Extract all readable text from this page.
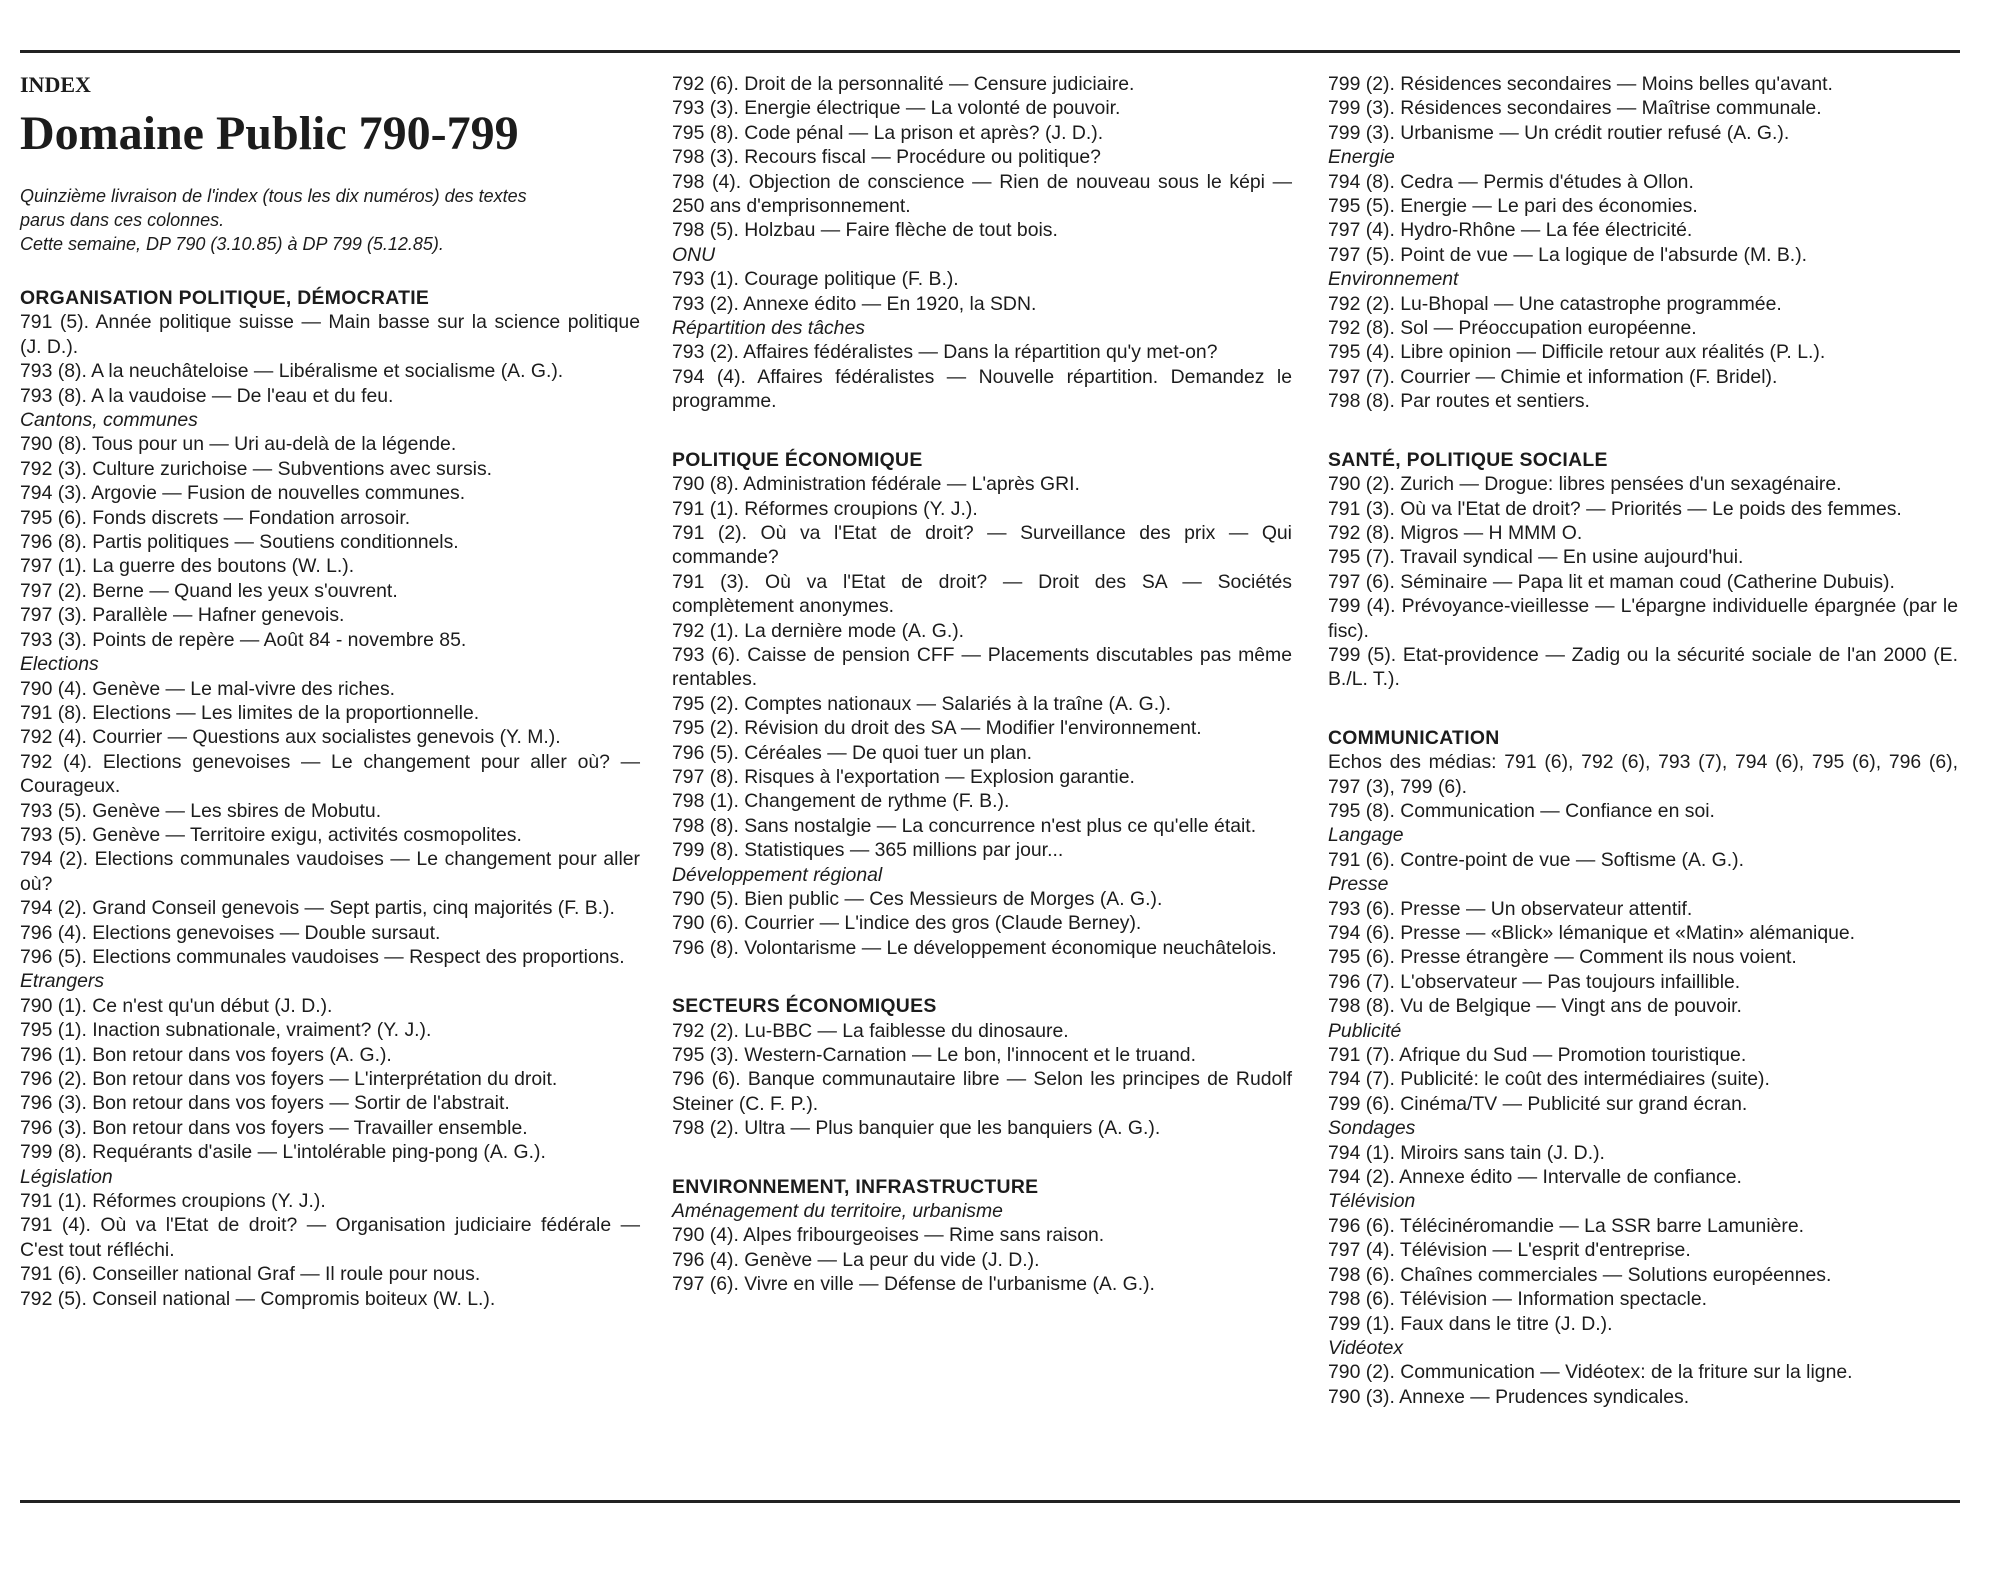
INDEX
Domaine Public 790-799
Quinzième livraison de l'index (tous les dix numéros) des textes
parus dans ces colonnes.
Cette semaine, DP 790 (3.10.85) à DP 799 (5.12.85).
ORGANISATION POLITIQUE, DÉMOCRATIE
791 (5). Année politique suisse — Main basse sur la science politique (J. D.).
793 (8). A la neuchâteloise — Libéralisme et socialisme (A. G.).
793 (8). A la vaudoise — De l'eau et du feu.
Cantons, communes
790 (8). Tous pour un — Uri au-delà de la légende.
792 (3). Culture zurichoise — Subventions avec sursis.
794 (3). Argovie — Fusion de nouvelles communes.
795 (6). Fonds discrets — Fondation arrosoir.
796 (8). Partis politiques — Soutiens conditionnels.
797 (1). La guerre des boutons (W. L.).
797 (2). Berne — Quand les yeux s'ouvrent.
797 (3). Parallèle — Hafner genevois.
793 (3). Points de repère — Août 84 - novembre 85.
Elections
790 (4). Genève — Le mal-vivre des riches.
791 (8). Elections — Les limites de la proportionnelle.
792 (4). Courrier — Questions aux socialistes genevois (Y. M.).
792 (4). Elections genevoises — Le changement pour aller où? — Courageux.
793 (5). Genève — Les sbires de Mobutu.
793 (5). Genève — Territoire exigu, activités cosmopolites.
794 (2). Elections communales vaudoises — Le changement pour aller où?
794 (2). Grand Conseil genevois — Sept partis, cinq majorités (F. B.).
796 (4). Elections genevoises — Double sursaut.
796 (5). Elections communales vaudoises — Respect des proportions.
Etrangers
790 (1). Ce n'est qu'un début (J. D.).
795 (1). Inaction subnationale, vraiment? (Y. J.).
796 (1). Bon retour dans vos foyers (A. G.).
796 (2). Bon retour dans vos foyers — L'interprétation du droit.
796 (3). Bon retour dans vos foyers — Sortir de l'abstrait.
796 (3). Bon retour dans vos foyers — Travailler ensemble.
799 (8). Requérants d'asile — L'intolérable ping-pong (A. G.).
Législation
791 (1). Réformes croupions (Y. J.).
791 (4). Où va l'Etat de droit? — Organisation judiciaire fédérale — C'est tout réfléchi.
791 (6). Conseiller national Graf — Il roule pour nous.
792 (5). Conseil national — Compromis boiteux (W. L.).
792 (6). Droit de la personnalité — Censure judiciaire.
793 (3). Energie électrique — La volonté de pouvoir.
795 (8). Code pénal — La prison et après? (J. D.).
798 (3). Recours fiscal — Procédure ou politique?
798 (4). Objection de conscience — Rien de nouveau sous le képi — 250 ans d'emprisonnement.
798 (5). Holzbau — Faire flèche de tout bois.
ONU
793 (1). Courage politique (F. B.).
793 (2). Annexe édito — En 1920, la SDN.
Répartition des tâches
793 (2). Affaires fédéralistes — Dans la répartition qu'y met-on?
794 (4). Affaires fédéralistes — Nouvelle répartition. Demandez le programme.
POLITIQUE ÉCONOMIQUE
790 (8). Administration fédérale — L'après GRI.
791 (1). Réformes croupions (Y. J.).
791 (2). Où va l'Etat de droit? — Surveillance des prix — Qui commande?
791 (3). Où va l'Etat de droit? — Droit des SA — Sociétés complètement anonymes.
792 (1). La dernière mode (A. G.).
793 (6). Caisse de pension CFF — Placements discutables pas même rentables.
795 (2). Comptes nationaux — Salariés à la traîne (A. G.).
795 (2). Révision du droit des SA — Modifier l'environnement.
796 (5). Céréales — De quoi tuer un plan.
797 (8). Risques à l'exportation — Explosion garantie.
798 (1). Changement de rythme (F. B.).
798 (8). Sans nostalgie — La concurrence n'est plus ce qu'elle était.
799 (8). Statistiques — 365 millions par jour...
Développement régional
790 (5). Bien public — Ces Messieurs de Morges (A. G.).
790 (6). Courrier — L'indice des gros (Claude Berney).
796 (8). Volontarisme — Le développement économique neuchâtelois.
SECTEURS ÉCONOMIQUES
792 (2). Lu-BBC — La faiblesse du dinosaure.
795 (3). Western-Carnation — Le bon, l'innocent et le truand.
796 (6). Banque communautaire libre — Selon les principes de Rudolf Steiner (C. F. P.).
798 (2). Ultra — Plus banquier que les banquiers (A. G.).
ENVIRONNEMENT, INFRASTRUCTURE
Aménagement du territoire, urbanisme
790 (4). Alpes fribourgeoises — Rime sans raison.
796 (4). Genève — La peur du vide (J. D.).
797 (6). Vivre en ville — Défense de l'urbanisme (A. G.).
799 (2). Résidences secondaires — Moins belles qu'avant.
799 (3). Résidences secondaires — Maîtrise communale.
799 (3). Urbanisme — Un crédit routier refusé (A. G.).
Energie
794 (8). Cedra — Permis d'études à Ollon.
795 (5). Energie — Le pari des économies.
797 (4). Hydro-Rhône — La fée électricité.
797 (5). Point de vue — La logique de l'absurde (M. B.).
Environnement
792 (2). Lu-Bhopal — Une catastrophe programmée.
792 (8). Sol — Préoccupation européenne.
795 (4). Libre opinion — Difficile retour aux réalités (P. L.).
797 (7). Courrier — Chimie et information (F. Bridel).
798 (8). Par routes et sentiers.
SANTÉ, POLITIQUE SOCIALE
790 (2). Zurich — Drogue: libres pensées d'un sexagénaire.
791 (3). Où va l'Etat de droit? — Priorités — Le poids des femmes.
792 (8). Migros — H MMM O.
795 (7). Travail syndical — En usine aujourd'hui.
797 (6). Séminaire — Papa lit et maman coud (Catherine Dubuis).
799 (4). Prévoyance-vieillesse — L'épargne individuelle épargnée (par le fisc).
799 (5). Etat-providence — Zadig ou la sécurité sociale de l'an 2000 (E. B./L. T.).
COMMUNICATION
Echos des médias: 791 (6), 792 (6), 793 (7), 794 (6), 795 (6), 796 (6), 797 (3), 799 (6).
795 (8). Communication — Confiance en soi.
Langage
791 (6). Contre-point de vue — Softisme (A. G.).
Presse
793 (6). Presse — Un observateur attentif.
794 (6). Presse — «Blick» lémanique et «Matin» alémanique.
795 (6). Presse étrangère — Comment ils nous voient.
796 (7). L'observateur — Pas toujours infaillible.
798 (8). Vu de Belgique — Vingt ans de pouvoir.
Publicité
791 (7). Afrique du Sud — Promotion touristique.
794 (7). Publicité: le coût des intermédiaires (suite).
799 (6). Cinéma/TV — Publicité sur grand écran.
Sondages
794 (1). Miroirs sans tain (J. D.).
794 (2). Annexe édito — Intervalle de confiance.
Télévision
796 (6). Télécinéromandie — La SSR barre Lamunière.
797 (4). Télévision — L'esprit d'entreprise.
798 (6). Chaînes commerciales — Solutions européennes.
798 (6). Télévision — Information spectacle.
799 (1). Faux dans le titre (J. D.).
Vidéotex
790 (2). Communication — Vidéotex: de la friture sur la ligne.
790 (3). Annexe — Prudences syndicales.
